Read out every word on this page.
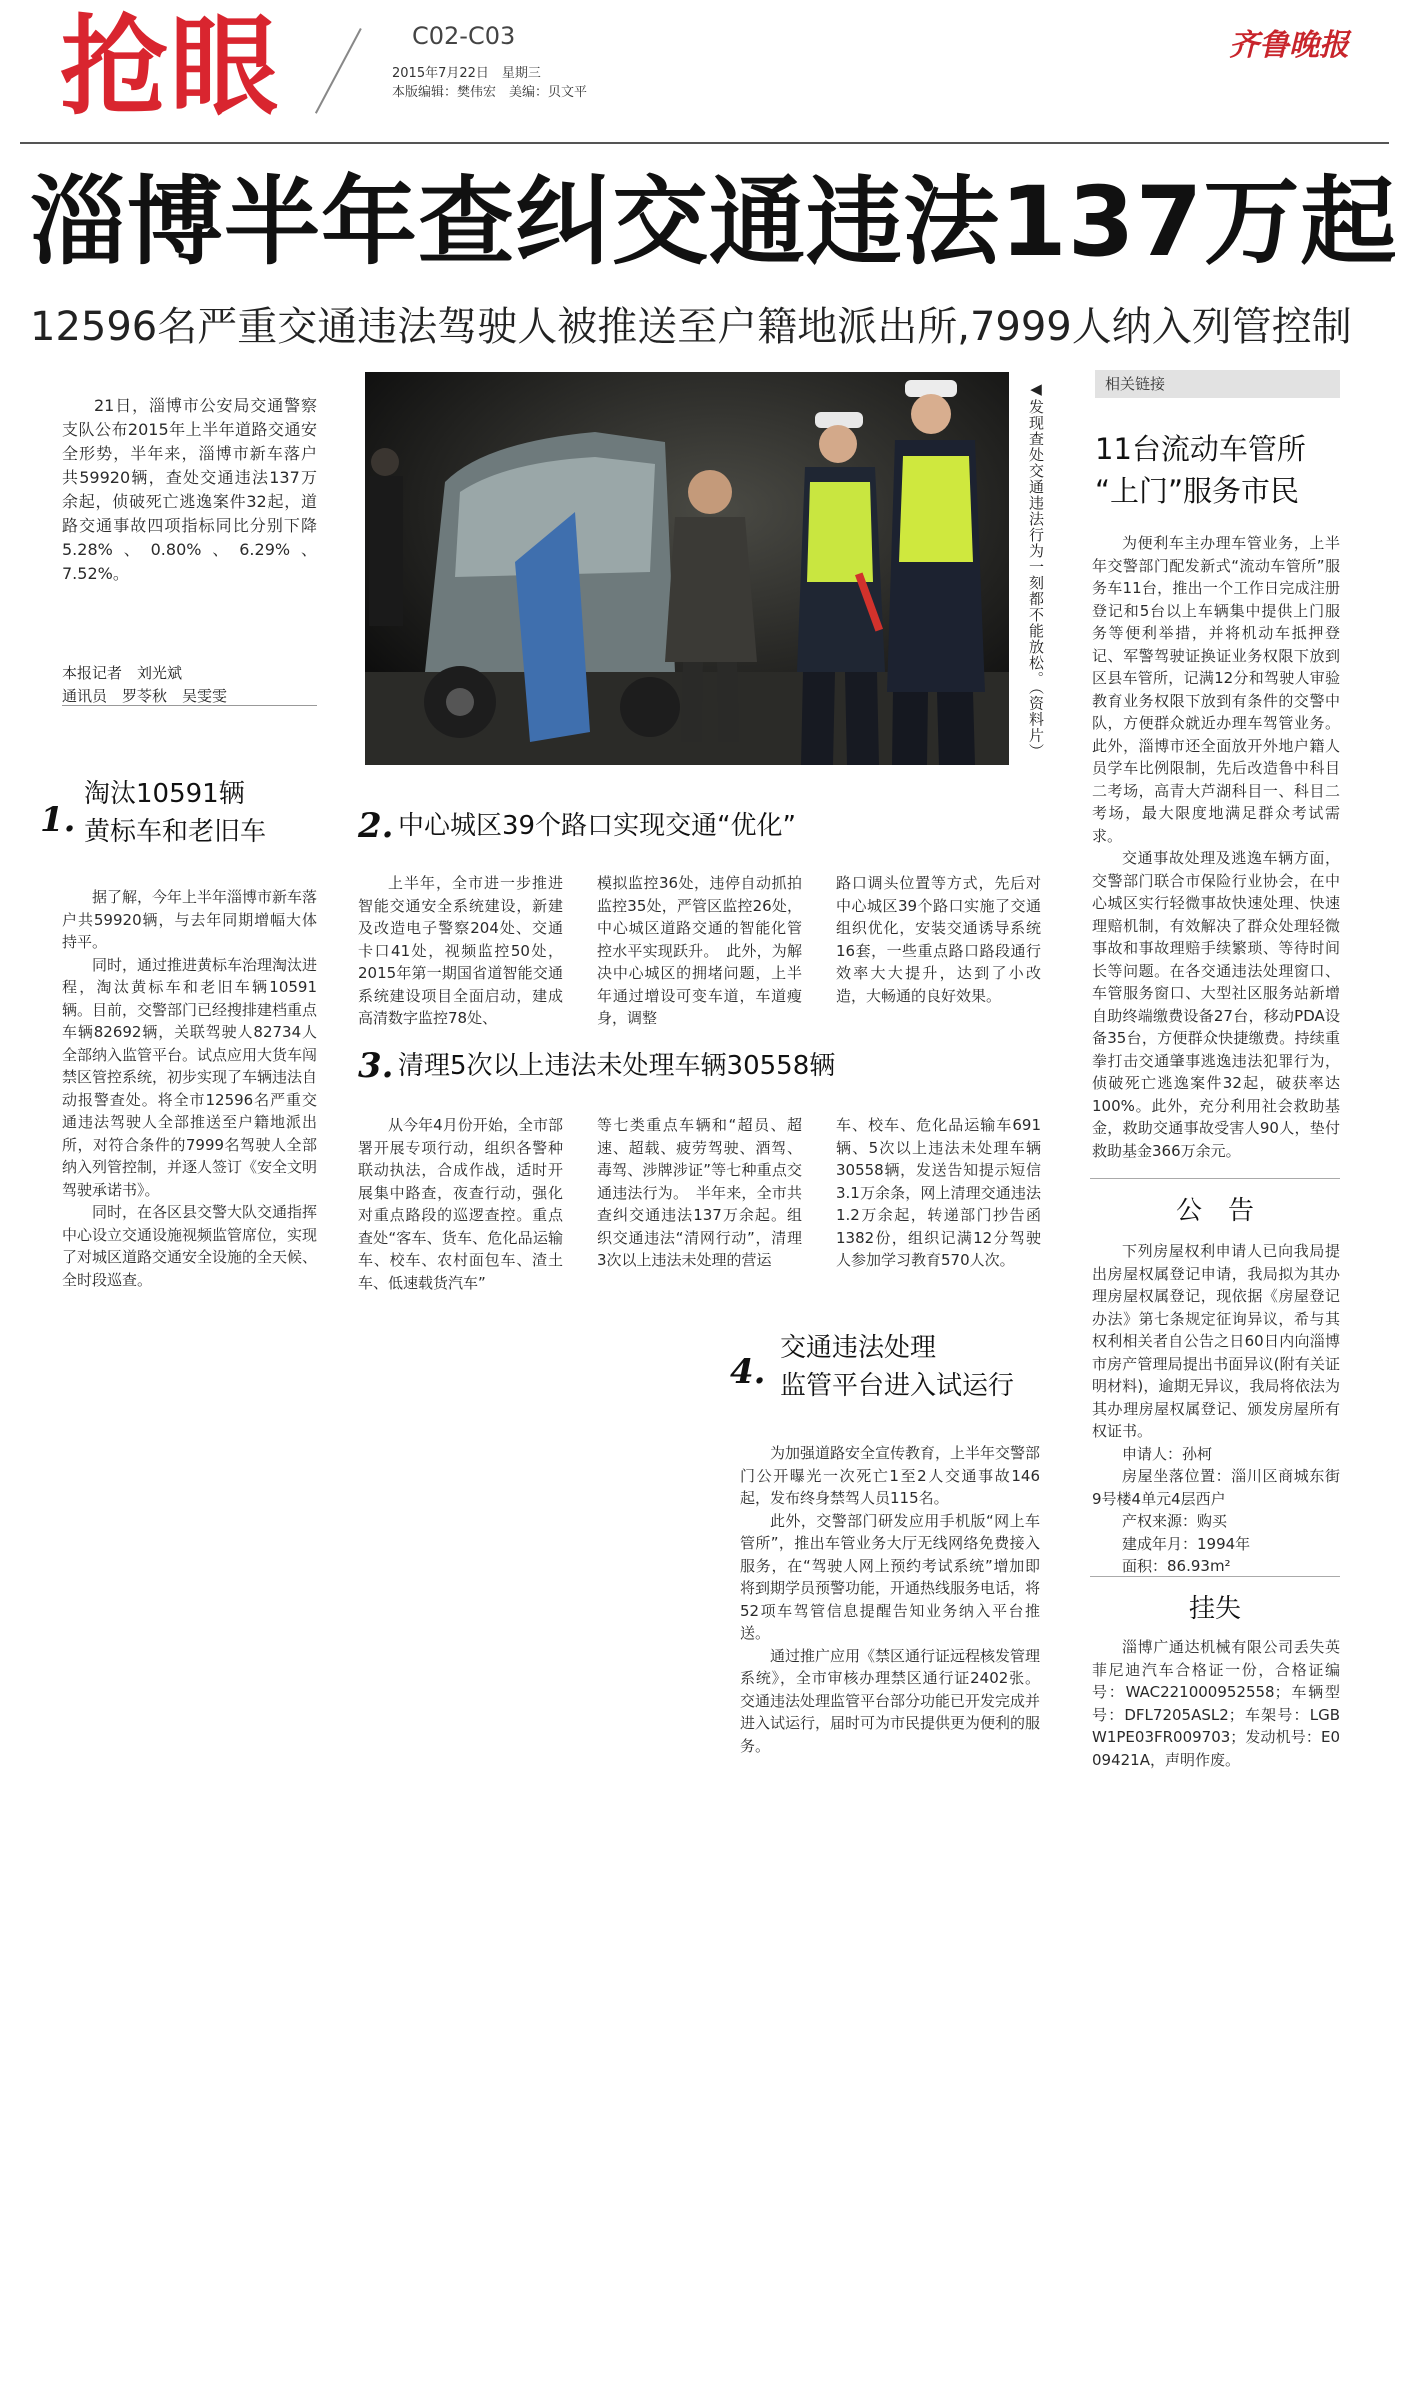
抢眼	C02-C03
2015年7月22日　星期三
本版编辑：樊伟宏　美编：贝文平
齐鲁晚报
淄博半年查纠交通违法137万起
12596名严重交通违法驾驶人被推送至户籍地派出所,7999人纳入列管控制
21日，淄博市公安局交通警察支队公布2015年上半年道路交通安全形势，半年来，淄博市新车落户共59920辆，查处交通违法137万余起，侦破死亡逃逸案件32起，道路交通事故四项指标同比分别下降5.28%、0.80%、6.29%、7.52%。
本报记者　刘光斌
通讯员　罗苓秋　吴雯雯	◀发现查处交通违法行为一刻都不能放松。（资料片）
1.
淘汰10591辆
黄标车和老旧车

据了解，今年上半年淄博市新车落户共59920辆，与去年同期增幅大体持平。

同时，通过推进黄标车治理淘汰进程，淘汰黄标车和老旧车辆10591辆。目前，交警部门已经搜排建档重点车辆82692辆，关联驾驶人82734人全部纳入监管平台。试点应用大货车闯禁区管控系统，初步实现了车辆违法自动报警查处。将全市12596名严重交通违法驾驶人全部推送至户籍地派出所，对符合条件的7999名驾驶人全部纳入列管控制，并逐人签订《安全文明驾驶承诺书》。

同时，在各区县交警大队交通指挥中心设立交通设施视频监管席位，实现了对城区道路交通安全设施的全天候、全时段巡查。

2. 中心城区39个路口实现交通“优化”
上半年，全市进一步推进智能交通安全系统建设，新建及改造电子警察204处、交通卡口41处，视频监控50处，2015年第一期国省道智能交通系统建设项目全面启动，建成高清数字监控78处、
模拟监控36处，违停自动抓拍监控35处，严管区监控26处，中心城区道路交通的智能化管控水平实现跃升。　此外，为解决中心城区的拥堵问题，上半年通过增设可变车道，车道瘦身，调整
路口调头位置等方式，先后对中心城区39个路口实施了交通组织优化，安装交通诱导系统16套，一些重点路口路段通行效率大大提升，达到了小改造，大畅通的良好效果。
3. 清理5次以上违法未处理车辆30558辆
从今年4月份开始，全市部署开展专项行动，组织各警种联动执法，合成作战，适时开展集中路查，夜查行动，强化对重点路段的巡逻查控。重点查处“客车、货车、危化品运输车、校车、农村面包车、渣土车、低速载货汽车”
等七类重点车辆和“超员、超速、超载、疲劳驾驶、酒驾、毒驾、涉牌涉证”等七种重点交通违法行为。　半年来，全市共查纠交通违法137万余起。组织交通违法“清网行动”，清理3次以上违法未处理的营运
车、校车、危化品运输车691辆、5次以上违法未处理车辆30558辆，发送告知提示短信3.1万余条，网上清理交通违法1.2万余起，转递部门抄告函1382份，组织记满12分驾驶人参加学习教育570人次。
4.
交通违法处理
监管平台进入试运行

为加强道路安全宣传教育，上半年交警部门公开曝光一次死亡1至2人交通事故146起，发布终身禁驾人员115名。

此外，交警部门研发应用手机版“网上车管所”，推出车管业务大厅无线网络免费接入服务，在“驾驶人网上预约考试系统”增加即将到期学员预警功能，开通热线服务电话，将52项车驾管信息提醒告知业务纳入平台推送。

通过推广应用《禁区通行证远程核发管理系统》，全市审核办理禁区通行证2402张。交通违法处理监管平台部分功能已开发完成并进入试运行，届时可为市民提供更为便利的服务。

相关链接
11台流动车管所
“上门”服务市民

为便利车主办理车管业务，上半年交警部门配发新式“流动车管所”服务车11台，推出一个工作日完成注册登记和5台以上车辆集中提供上门服务等便利举措，并将机动车抵押登记、军警驾驶证换证业务权限下放到区县车管所，记满12分和驾驶人审验教育业务权限下放到有条件的交警中队，方便群众就近办理车驾管业务。此外，淄博市还全面放开外地户籍人员学车比例限制，先后改造鲁中科目二考场，高青大芦湖科目一、科目二考场，最大限度地满足群众考试需求。

交通事故处理及逃逸车辆方面，交警部门联合市保险行业协会，在中心城区实行轻微事故快速处理、快速理赔机制，有效解决了群众处理轻微事故和事故理赔手续繁琐、等待时间长等问题。在各交通违法处理窗口、车管服务窗口、大型社区服务站新增自助终端缴费设备27台，移动PDA设备35台，方便群众快捷缴费。持续重拳打击交通肇事逃逸违法犯罪行为，侦破死亡逃逸案件32起，破获率达100%。此外，充分利用社会救助基金，救助交通事故受害人90人，垫付救助基金366万余元。

公　告

下列房屋权利申请人已向我局提出房屋权属登记申请，我局拟为其办理房屋权属登记，现依据《房屋登记办法》第七条规定征询异议，希与其权利相关者自公告之日60日内向淄博市房产管理局提出书面异议(附有关证明材料)，逾期无异议，我局将依法为其办理房屋权属登记、颁发房屋所有权证书。

申请人：孙柯

房屋坐落位置：淄川区商城东街9号楼4单元4层西户

产权来源：购买

建成年月：1994年

面积：86.93m²

挂失
淄博广通达机械有限公司丢失英菲尼迪汽车合格证一份，合格证编号：WAC221000952558；车辆型号：DFL7205ASL2；车架号：LGBW1PE03FR009703；发动机号：E009421A，声明作废。
